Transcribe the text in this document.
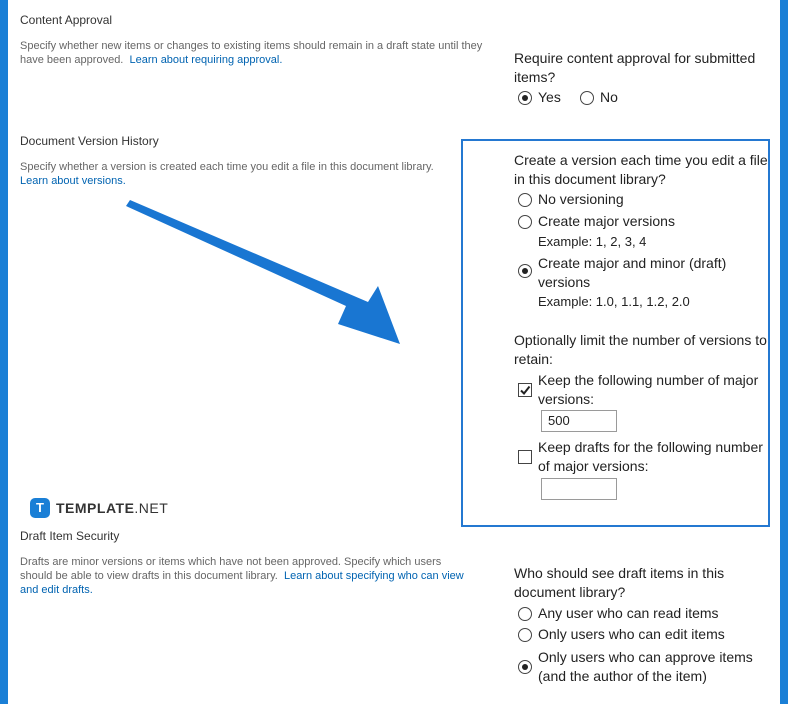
Content Approval
Specify whether new items or changes to existing items should remain in a draft state until they have been approved. Learn about requiring approval.	Require content approval for submitted items?
Yes	No
Document Version History
Specify whether a version is created each time you edit a file in this document library.
Learn about versions.
Create a version each time you edit a file in this document library?
No versioning
Create major versions
Example: 1, 2, 3, 4
Create major and minor (draft) versions
Example: 1.0, 1.1, 1.2, 2.0
Optionally limit the number of versions to retain:
Keep the following number of major versions:
500
Keep drafts for the following number of major versions:
T TEMPLATE.NET
Draft Item Security
Drafts are minor versions or items which have not been approved. Specify which users should be able to view drafts in this document library. Learn about specifying who can view and edit drafts.
Who should see draft items in this document library?
Any user who can read items
Only users who can edit items
Only users who can approve items (and the author of the item)
